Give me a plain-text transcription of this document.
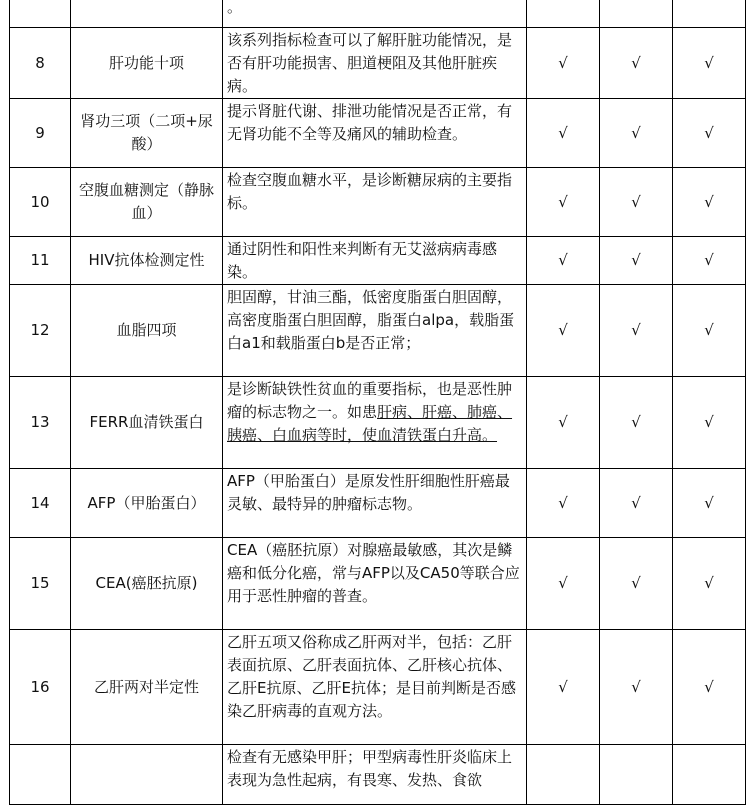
		。			

8	肝功能十项	该系列指标检查可以了解肝脏功能情况，是否有肝功能损害、胆道梗阻及其他肝脏疾病。	√	√	√
9	肾功三项（二项+尿酸）	提示肾脏代谢、排泄功能情况是否正常，有无肾功能不全等及痛风的辅助检查。	√	√	√
10	空腹血糖测定（静脉血）	检查空腹血糖水平，是诊断糖尿病的主要指标。	√	√	√
11	HIV抗体检测定性	通过阴性和阳性来判断有无艾滋病病毒感染。	√	√	√
12	血脂四项	胆固醇，甘油三酯，低密度脂蛋白胆固醇，高密度脂蛋白胆固醇，脂蛋白alpa，载脂蛋白a1和载脂蛋白b是否正常；	√	√	√
13	FERR血清铁蛋白	是诊断缺铁性贫血的重要指标，也是恶性肿瘤的标志物之一。如患肝病、肝癌、肺癌、胰癌、白血病等时，使血清铁蛋白升高。	√	√	√
14	AFP（甲胎蛋白）	AFP（甲胎蛋白）是原发性肝细胞性肝癌最灵敏、最特异的肿瘤标志物。	√	√	√
15	CEA(癌胚抗原)	CEA（癌胚抗原）对腺癌最敏感，其次是鳞癌和低分化癌，常与AFP以及CA50等联合应用于恶性肿瘤的普查。	√	√	√
16	乙肝两对半定性	乙肝五项又俗称成乙肝两对半，包括：乙肝表面抗原、乙肝表面抗体、乙肝核心抗体、乙肝E抗原、乙肝E抗体；是目前判断是否感染乙肝病毒的直观方法。	√	√	√

		检查有无感染甲肝；甲型病毒性肝炎临床上表现为急性起病，有畏寒、发热、食欲			
